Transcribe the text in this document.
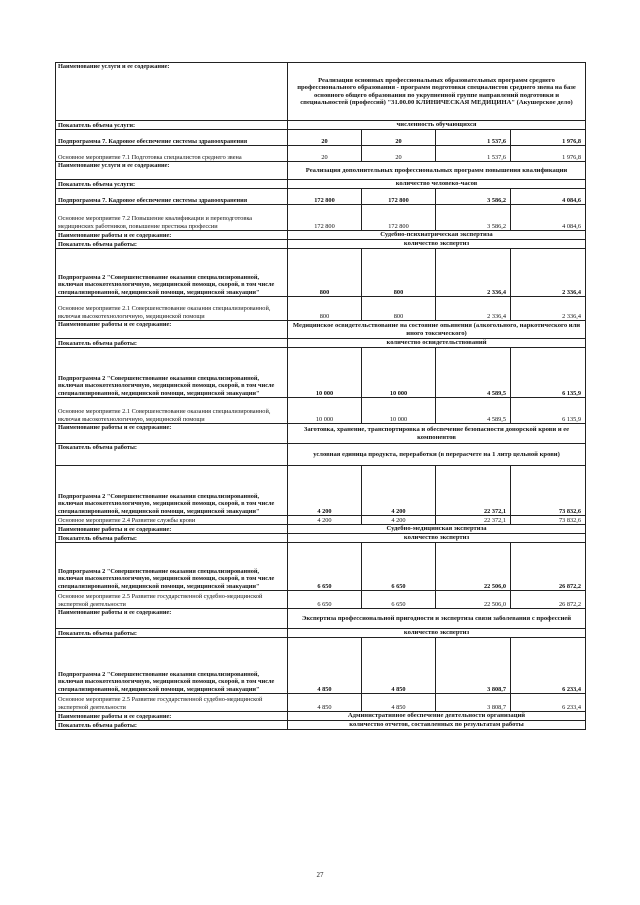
Наименование услуги и ее содержание:	Реализация основных профессиональных образовательных программ среднего профессионального образования - программ подготовки специалистов среднего звена на базе основного общего образования по укрупненной группе направлений подготовки и специальностей (профессий) "31.00.00 КЛИНИЧЕСКАЯ МЕДИЦИНА" (Акушерское дело)			
Показатель объема услуги:	численность обучающихся			
Подпрограмма 7. Кадровое обеспечение системы здравоохранения	20	20	1 537,6	1 976,8
Основное мероприятие 7.1 Подготовка специалистов среднего звена	20	20	1 537,6	1 976,8
Наименование услуги и ее содержание:	Реализация дополнительных профессиональных программ повышения квалификации			
Показатель объема услуги:	количество человеко-часов			
Подпрограмма 7. Кадровое обеспечение системы здравоохранения	172 800	172 800	3 586,2	4 084,6
Основное мероприятие 7.2 Повышение квалификации и переподготовка медицинских работников, повышение престижа профессии	172 800	172 800	3 586,2	4 084,6
Наименование работы и ее содержание:	Судебно-психиатрическая экспертиза			
Показатель объема работы:	количество экспертиз			
Подпрограмма 2 "Совершенствование оказания специализированной, включая высокотехнологичную, медицинской помощи, скорой, в том числе специализированной, медицинской помощи, медицинской эвакуации"	800	800	2 336,4	2 336,4
Основное мероприятие 2.1 Совершенствование оказания специализированной, включая высокотехнологичную, медицинской помощи	800	800	2 336,4	2 336,4
Наименование работы и ее содержание:	Медицинское освидетельствование на состояние опьянения (алкогольного, наркотического или иного токсического)			
Показатель объема работы:	количество освидетельствований			
Подпрограмма 2 "Совершенствование оказания специализированной, включая высокотехнологичную, медицинской помощи, скорой, в том числе специализированной, медицинской помощи, медицинской эвакуации"	10 000	10 000	4 589,5	6 135,9
Основное мероприятие 2.1 Совершенствование оказания специализированной, включая высокотехнологичную, медицинской помощи	10 000	10 000	4 589,5	6 135,9
Наименование работы и ее содержание:	Заготовка, хранение, транспортировка и обеспечение безопасности донорской крови и ее компонентов			
Показатель объема работы:	условная единица продукта, переработки (в перерасчете на 1 литр цельной крови)			
Подпрограмма 2 "Совершенствование оказания специализированной, включая высокотехнологичную, медицинской помощи, скорой, в том числе специализированной, медицинской помощи, медицинской эвакуации"	4 200	4 200	22 372,1	73 832,6
Основное мероприятие 2.4 Развитие службы крови	4 200	4 200	22 372,1	73 832,6
Наименование работы и ее содержание:	Судебно-медицинская экспертиза			
Показатель объема работы:	количество экспертиз			
Подпрограмма 2 "Совершенствование оказания специализированной, включая высокотехнологичную, медицинской помощи, скорой, в том числе специализированной, медицинской помощи, медицинской эвакуации"	6 650	6 650	22 506,0	26 872,2
Основное мероприятие 2.5 Развитие государственной судебно-медицинской экспертной деятельности	6 650	6 650	22 506,0	26 872,2
Наименование работы и ее содержание:	Экспертиза профессиональной пригодности и экспертиза связи заболевания с профессией			
Показатель объема работы:	количество экспертиз			
Подпрограмма 2 "Совершенствование оказания специализированной, включая высокотехнологичную, медицинской помощи, скорой, в том числе специализированной, медицинской помощи, медицинской эвакуации"	4 850	4 850	3 808,7	6 233,4
Основное мероприятие 2.5 Развитие государственной судебно-медицинской экспертной деятельности	4 850	4 850	3 808,7	6 233,4
Наименование работы и ее содержание:	Административное обеспечение деятельности организаций			
Показатель объема работы:	количество отчетов, составленных по результатам работы			
27
